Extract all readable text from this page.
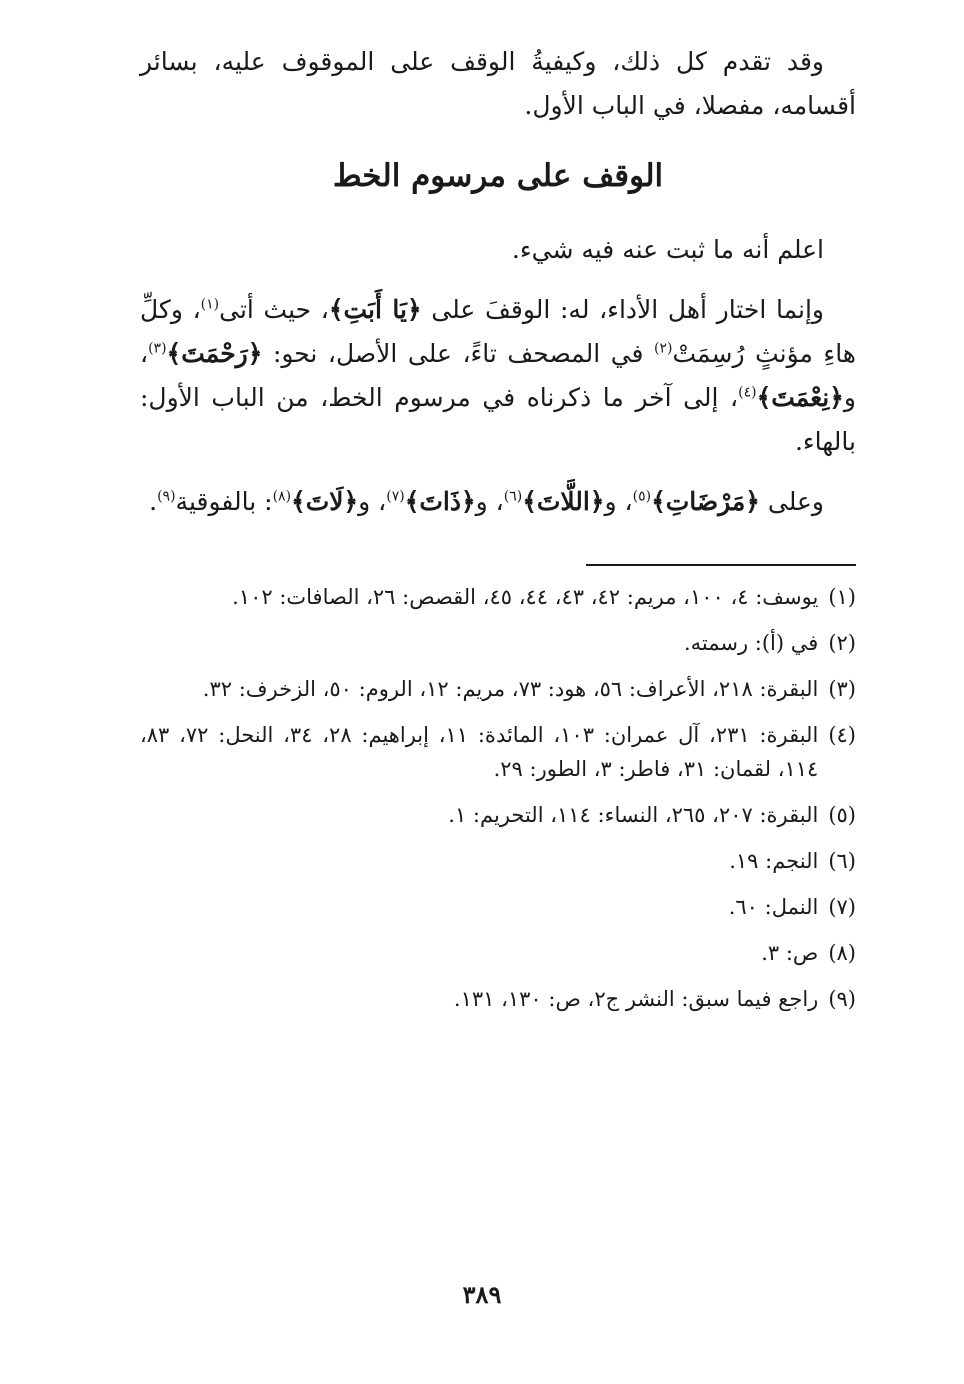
وقد تقدم كل ذلك، وكيفيةُ الوقف على الموقوف عليه، بسائر أقسامه، مفصلا، في الباب الأول.

الوقف على مرسوم الخط

اعلم أنه ما ثبت عنه فيه شيء.

وإنما اختار أهل الأداء، له: الوقفَ على ﴿يَا أَبَتِ﴾، حيث أتى$^{(١)}$، وكلِّ هاءِ مؤنثٍ رُسِمَتْ$^{(٢)}$ في المصحف تاءً، على الأصل، نحو: ﴿رَحْمَتَ﴾$^{(٣)}$، و﴿نِعْمَتَ﴾$^{(٤)}$، إلى آخر ما ذكرناه في مرسوم الخط، من الباب الأول: بالهاء.

وعلى ﴿مَرْضَاتِ﴾$^{(٥)}$، و﴿اللَّاتَ﴾$^{(٦)}$، و﴿ذَاتَ﴾$^{(٧)}$، و﴿لَاتَ﴾$^{(٨)}$: بالفوقية$^{(٩)}$.

(١)
يوسف: ٤، ١٠٠، مريم: ٤٢، ٤٣، ٤٤، ٤٥، القصص: ٢٦، الصافات: ١٠٢.
(٢)
في (أ): رسمته.
(٣)
البقرة: ٢١٨، الأعراف: ٥٦، هود: ٧٣، مريم: ١٢، الروم: ٥٠، الزخرف: ٣٢.
(٤)
البقرة: ٢٣١، آل عمران: ١٠٣، المائدة: ١١، إبراهيم: ٢٨، ٣٤، النحل: ٧٢، ٨٣، ١١٤، لقمان: ٣١، فاطر: ٣، الطور: ٢٩.
(٥)
البقرة: ٢٠٧، ٢٦٥، النساء: ١١٤، التحريم: ١.
(٦)
النجم: ١٩.
(٧)
النمل: ٦٠.
(٨)
ص: ٣.
(٩)
راجع فيما سبق: النشر ج٢، ص: ١٣٠، ١٣١.
٣٨٩
